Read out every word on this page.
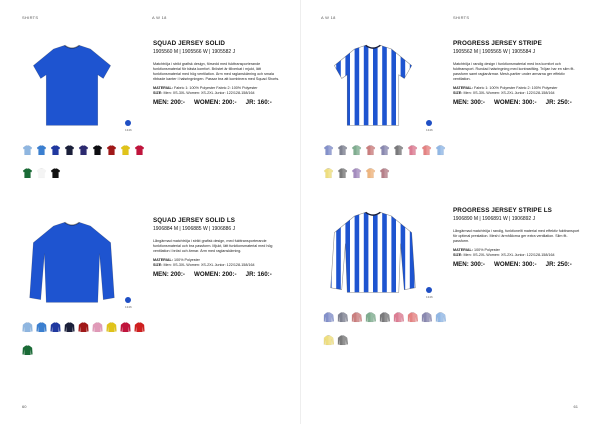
SHIRTS	A W 18
60
1346
SQUAD JERSEY SOLID
1905560 M | 1905566 W | 1905582 J
Matchtröja i strikt grafisk design, försedd med fukttransporterande funktionsmaterial för bästa komfort. Bröstet är tillverkat i mjukt, lätt funktionsmaterial med hög ventilation. Ärm med raglanskärning och smala ribbade kanter i halsringningen. Passar bra att kombinera med Squad Shorts.
MATERIAL: Fabric 1: 100% Polyester Fabric 2: 100% Polyester
SIZE: Men: XS-3XL Women: XS-2XL Junior: 122/128-158/164
MEN: 200:- WOMEN: 200:- JR: 160:-
1346
SQUAD JERSEY SOLID LS
1906884 M | 1906885 W | 1906886 J
Långärmad matchtröja i strikt grafisk design, med fukttransporterande funktionsmaterial och bra passform. Mjukt, lätt funktionsmaterial med hög ventilation i bröst och ärmar. Ärm med raglanskärning.
MATERIAL: 100% Polyester
SIZE: Men: XS-3XL Women: XS-2XL Junior: 122/128-158/164
MEN: 200:- WOMEN: 200:- JR: 160:-
A W 18	SHIRTS
61
1346
PROGRESS JERSEY STRIPE
1905562 M | 1905565 W | 1905584 J
Matchtröja i randig design i funktionsmaterial med bra komfort och fukttransport. Rundad halsringning med kontrastfärg. Tröjan har en slim fit-passform samt raglanärmar. Mesh-partier under armarna ger effektiv ventilation.
MATERIAL: Fabric 1: 100% Polyester Fabric 2: 100% Polyester
SIZE: Men: XS-3XL Women: XS-2XL Junior: 122/128-158/164
MEN: 300:- WOMEN: 300:- JR: 250:-
1346
PROGRESS JERSEY STRIPE LS
1906890 M | 1906891 W | 1906892 J
Långärmad matchtröja i randig, funktionellt material med effektiv fukttransport för optimal prestation. Mesh i ärmhålorna ger extra ventilation. Slim fit-passform.
MATERIAL: 100% Polyester
SIZE: Men: XS-2XL Women: XS-2XL Junior: 122/128-158/164
MEN: 300:- WOMEN: 300:- JR: 250:-
